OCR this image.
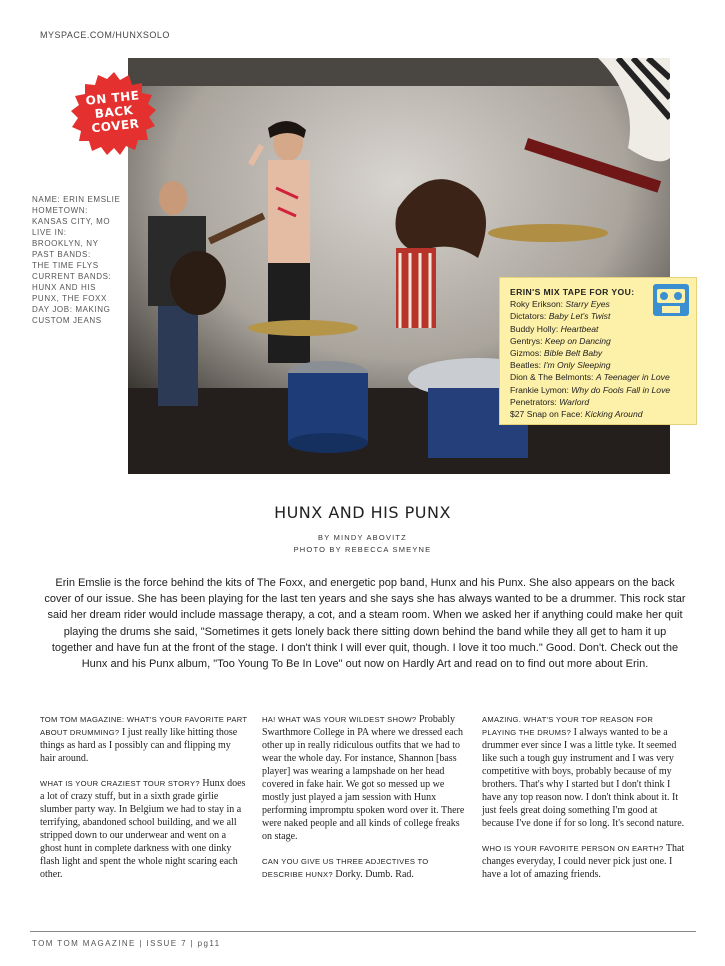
MYSPACE.COM/HUNXSOLO
ON THE
BACK COVER
NAME: ERIN EMSLIE
HOMETOWN:
KANSAS CITY, MO
LIVE IN:
BROOKLYN, NY
PAST BANDS:
THE TIME FLYS
CURRENT BANDS:
HUNX AND HIS
PUNX, THE FOXX
DAY JOB: MAKING
CUSTOM JEANS
ERIN'S MIX TAPE FOR YOU:
Roky Erikson: Starry Eyes
Dictators: Baby Let's Twist
Buddy Holly: Heartbeat
Gentrys: Keep on Dancing
Gizmos: Bible Belt Baby
Beatles: I'm Only Sleeping
Dion & The Belmonts: A Teenager in Love
Frankie Lymon: Why do Fools Fall in Love
Penetrators: Warlord
$27 Snap on Face: Kicking Around
HUNX AND HIS PUNX
BY MINDY ABOVITZ
PHOTO BY REBECCA SMEYNE
Erin Emslie is the force behind the kits of The Foxx, and energetic pop band, Hunx and his Punx. She also appears on the back cover of our issue. She has been playing for the last ten years and she says she has always wanted to be a drummer. This rock star said her dream rider would include massage therapy, a cot, and a steam room. When we asked her if anything could make her quit playing the drums she said, "Sometimes it gets lonely back there sitting down behind the band while they all get to ham it up together and have fun at the front of the stage. I don't think I will ever quit, though. I love it too much." Good. Don't. Check out the Hunx and his Punx album, "Too Young To Be In Love" out now on Hardly Art and read on to find out more about Erin.

TOM TOM MAGAZINE: WHAT'S YOUR FAVORITE PART ABOUT DRUMMING? I just really like hitting those things as hard as I possibly can and flipping my hair around.

WHAT IS YOUR CRAZIEST TOUR STORY? Hunx does a lot of crazy stuff, but in a sixth grade girlie slumber party way. In Belgium we had to stay in a terrifying, abandoned school building, and we all stripped down to our underwear and went on a ghost hunt in complete darkness with one dinky flash light and spent the whole night scaring each other.

HA! WHAT WAS YOUR WILDEST SHOW? Probably Swarthmore College in PA where we dressed each other up in really ridiculous outfits that we had to wear the whole day. For instance, Shannon [bass player] was wearing a lampshade on her head covered in fake hair. We got so messed up we mostly just played a jam session with Hunx performing impromptu spoken word over it. There were naked people and all kinds of college freaks on stage.

CAN YOU GIVE US THREE ADJECTIVES TO DESCRIBE HUNX? Dorky. Dumb. Rad.

AMAZING. WHAT'S YOUR TOP REASON FOR PLAYING THE DRUMS? I always wanted to be a drummer ever since I was a little tyke. It seemed like such a tough guy instrument and I was very competitive with boys, probably because of my brothers. That's why I started but I don't think I have any top reason now. I don't think about it. It just feels great doing something I'm good at because I've done if for so long. It's second nature.

WHO IS YOUR FAVORITE PERSON ON EARTH? That changes everyday, I could never pick just one. I have a lot of amazing friends.

TOM TOM MAGAZINE | ISSUE 7 | pg11
